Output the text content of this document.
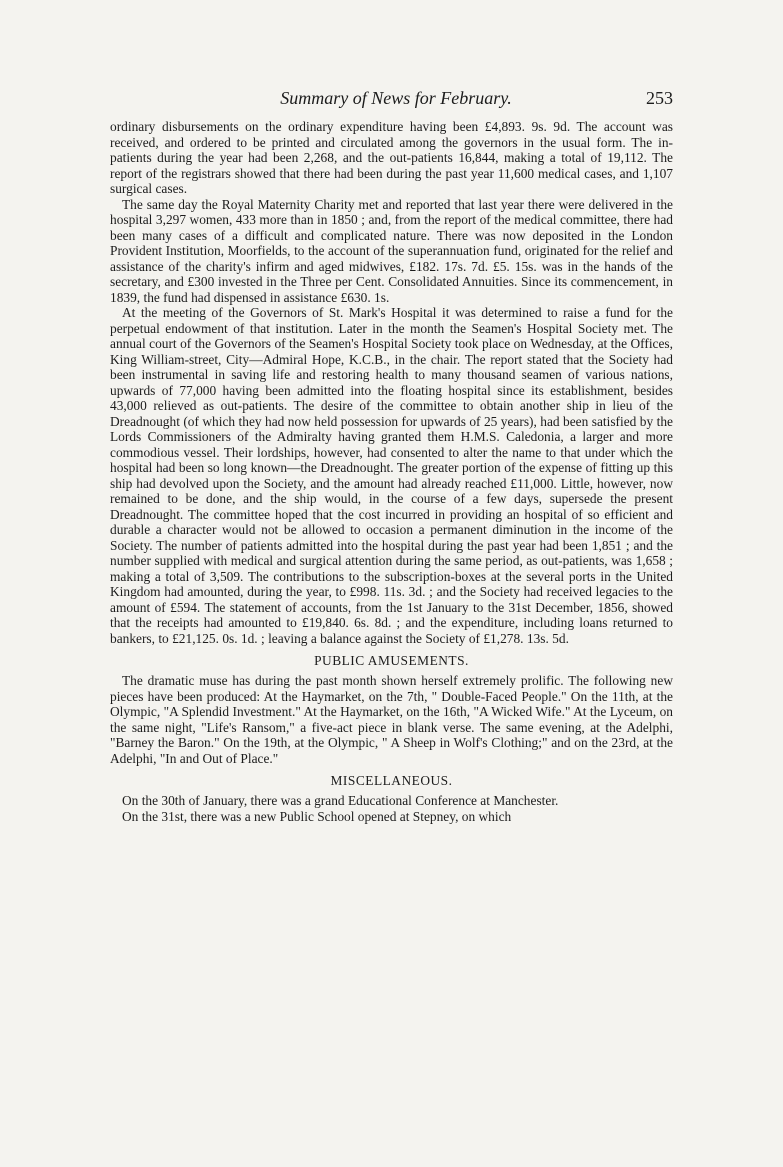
Summary of News for February.	253

ordinary disbursements on the ordinary expenditure having been £4,893. 9s. 9d. The account was received, and ordered to be printed and circulated among the governors in the usual form. The in-patients during the year had been 2,268, and the out-patients 16,844, making a total of 19,112. The report of the registrars showed that there had been during the past year 11,600 medical cases, and 1,107 surgical cases.

The same day the Royal Maternity Charity met and reported that last year there were delivered in the hospital 3,297 women, 433 more than in 1850 ; and, from the report of the medical committee, there had been many cases of a difficult and complicated nature. There was now deposited in the London Provident Institution, Moorfields, to the account of the superannuation fund, originated for the relief and assistance of the charity's infirm and aged midwives, £182. 17s. 7d. £5. 15s. was in the hands of the secretary, and £300 invested in the Three per Cent. Consolidated Annuities. Since its commencement, in 1839, the fund had dispensed in assistance £630. 1s.

At the meeting of the Governors of St. Mark's Hospital it was determined to raise a fund for the perpetual endowment of that institution. Later in the month the Seamen's Hospital Society met. The annual court of the Governors of the Seamen's Hospital Society took place on Wednesday, at the Offices, King William-street, City—Admiral Hope, K.C.B., in the chair. The report stated that the Society had been instrumental in saving life and restoring health to many thousand seamen of various nations, upwards of 77,000 having been admitted into the floating hospital since its establishment, besides 43,000 relieved as out-patients. The desire of the committee to obtain another ship in lieu of the Dreadnought (of which they had now held possession for upwards of 25 years), had been satisfied by the Lords Commissioners of the Admiralty having granted them H.M.S. Caledonia, a larger and more commodious vessel. Their lordships, however, had consented to alter the name to that under which the hospital had been so long known—the Dreadnought. The greater portion of the expense of fitting up this ship had devolved upon the Society, and the amount had already reached £11,000. Little, however, now remained to be done, and the ship would, in the course of a few days, supersede the present Dreadnought. The committee hoped that the cost incurred in providing an hospital of so efficient and durable a character would not be allowed to occasion a permanent diminution in the income of the Society. The number of patients admitted into the hospital during the past year had been 1,851 ; and the number supplied with medical and surgical attention during the same period, as out-patients, was 1,658 ; making a total of 3,509. The contributions to the subscription-boxes at the several ports in the United Kingdom had amounted, during the year, to £998. 11s. 3d. ; and the Society had received legacies to the amount of £594. The statement of accounts, from the 1st January to the 31st December, 1856, showed that the receipts had amounted to £19,840. 6s. 8d. ; and the expenditure, including loans returned to bankers, to £21,125. 0s. 1d. ; leaving a balance against the Society of £1,278. 13s. 5d.

PUBLIC AMUSEMENTS.

The dramatic muse has during the past month shown herself extremely prolific. The following new pieces have been produced: At the Haymarket, on the 7th, " Double-Faced People." On the 11th, at the Olympic, "A Splendid Investment." At the Haymarket, on the 16th, "A Wicked Wife." At the Lyceum, on the same night, "Life's Ransom," a five-act piece in blank verse. The same evening, at the Adelphi, "Barney the Baron." On the 19th, at the Olympic, " A Sheep in Wolf's Clothing;" and on the 23rd, at the Adelphi, "In and Out of Place."

MISCELLANEOUS.

On the 30th of January, there was a grand Educational Conference at Manchester.

On the 31st, there was a new Public School opened at Stepney, on which
